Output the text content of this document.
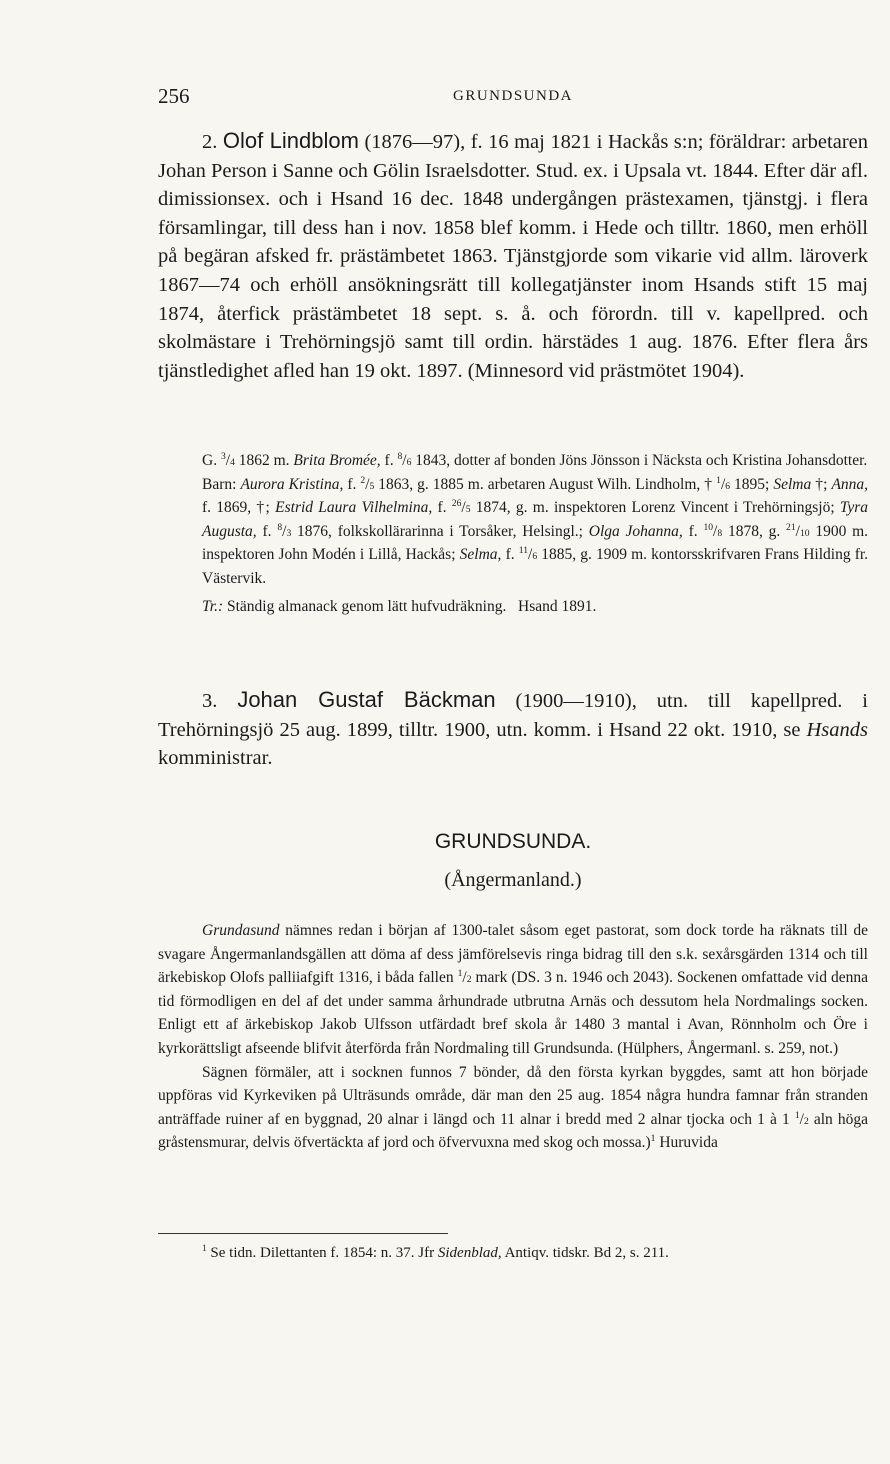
256	GRUNDSUNDA

2. Olof Lindblom (1876—97), f. 16 maj 1821 i Hackås s:n; föräldrar: arbetaren Johan Person i Sanne och Gölin Israelsdotter. Stud. ex. i Upsala vt. 1844. Efter där afl. dimissionsex. och i Hsand 16 dec. 1848 undergången prästexamen, tjänstgj. i flera församlingar, till dess han i nov. 1858 blef komm. i Hede och tilltr. 1860, men erhöll på begäran afsked fr. prästämbetet 1863. Tjänstgjorde som vikarie vid allm. läroverk 1867—74 och erhöll ansökningsrätt till kollegatjänster inom Hsands stift 15 maj 1874, återfick prästämbetet 18 sept. s. å. och förordn. till v. kapellpred. och skolmästare i Trehörningsjö samt till ordin. härstädes 1 aug. 1876. Efter flera års tjänstledighet afled han 19 okt. 1897. (Minnesord vid prästmötet 1904).

G. $^3$/4 1862 m. Brita Bromée, f. $^8$/6 1843, dotter af bonden Jöns Jönsson i Näcksta och Kristina Johansdotter.

Barn: Aurora Kristina, f. $^2$/5 1863, g. 1885 m. arbetaren August Wilh. Lindholm, † $^1$/6 1895; Selma †; Anna, f. 1869, †; Estrid Laura Vilhelmina, f. $^{26}$/5 1874, g. m. inspektoren Lorenz Vincent i Trehörningsjö; Tyra Augusta, f. $^8$/3 1876, folkskollärarinna i Torsåker, Helsingl.; Olga Johanna, f. $^{10}$/8 1878, g. $^{21}$/10 1900 m. inspektoren John Modén i Lillå, Hackås; Selma, f. $^{11}$/6 1885, g. 1909 m. kontorsskrifvaren Frans Hilding fr. Västervik.

Tr.: Ständig almanack genom lätt hufvudräkning. Hsand 1891.

3. Johan Gustaf Bäckman (1900—1910), utn. till kapellpred. i Trehörningsjö 25 aug. 1899, tilltr. 1900, utn. komm. i Hsand 22 okt. 1910, se Hsands komministrar.

GRUNDSUNDA.
(Ångermanland.)

Grundasund nämnes redan i början af 1300-talet såsom eget pastorat, som dock torde ha räknats till de svagare Ångermanlandsgällen att döma af dess jämförelsevis ringa bidrag till den s.k. sexårsgärden 1314 och till ärkebiskop Olofs palliiafgift 1316, i båda fallen $^1$/2 mark (DS. 3 n. 1946 och 2043). Sockenen omfattade vid denna tid förmodligen en del af det under samma århundrade utbrutna Arnäs och dessutom hela Nordmalings socken. Enligt ett af ärkebiskop Jakob Ulfsson utfärdadt bref skola år 1480 3 mantal i Avan, Rönnholm och Öre i kyrkorättsligt afseende blifvit återförda från Nordmaling till Grundsunda. (Hülphers, Ångermanl. s. 259, not.)

Sägnen förmäler, att i socknen funnos 7 bönder, då den första kyrkan byggdes, samt att hon började uppföras vid Kyrkeviken på Ulträsunds område, där man den 25 aug. 1854 några hundra famnar från stranden anträffade ruiner af en byggnad, 20 alnar i längd och 11 alnar i bredd med 2 alnar tjocka och 1 à 1 $^1$/2 aln höga gråstensmurar, delvis öfvertäckta af jord och öfvervuxna med skog och mossa.)$^1$ Huruvida

$^1$ Se tidn. Dilettanten f. 1854: n. 37. Jfr Sidenblad, Antiqv. tidskr. Bd 2, s. 211.
